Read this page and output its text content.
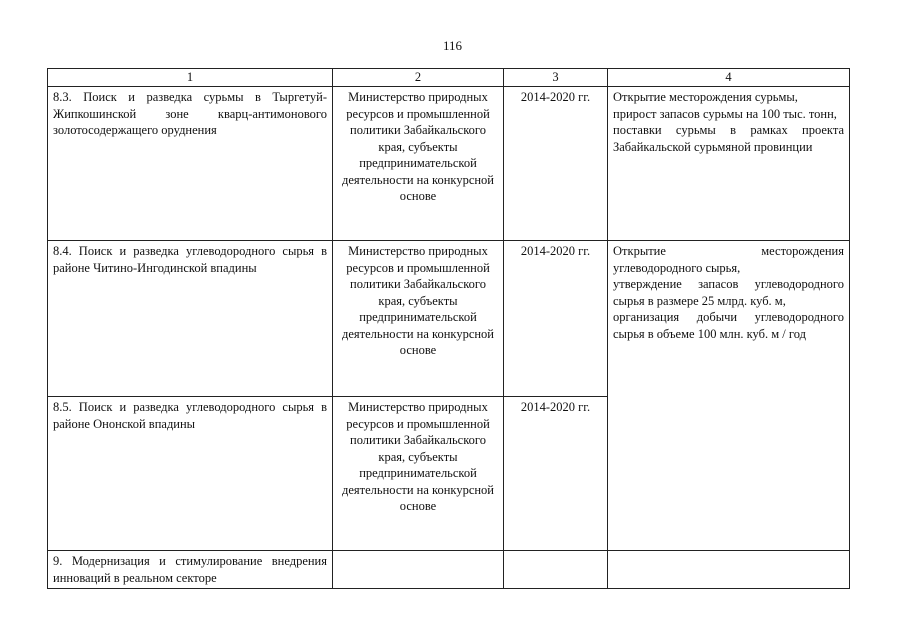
116
1	2	3	4
8.3. Поиск и разведка сурьмы в Тыргетуй-Жипкошинской зоне кварц-антимонового золотосодержащего оруднения	Министерство природных ресурсов и промышленной политики Забайкальского края, субъекты предпринимательской деятельности на конкурсной основе	2014-2020 гг.	Открытие месторождения сурьмы,
прирост запасов сурьмы на 100 тыс. тонн,
поставки сурьмы в рамках проекта Забайкальской сурьмяной провинции

8.4. Поиск и разведка углеводородного сырья в районе Читино-Ингодинской впадины	Министерство природных ресурсов и промышленной политики Забайкальского края, субъекты предпринимательской деятельности на конкурсной основе	2014-2020 гг.	Открытие месторождения углеводородного сырья,
утверждение запасов углеводородного сырья в размере 25 млрд. куб. м,
организация добычи углеводородного сырья в объеме 100 млн. куб. м / год

8.5. Поиск и разведка углеводородного сырья в районе Ононской впадины	Министерство природных ресурсов и промышленной политики Забайкальского края, субъекты предпринимательской деятельности на конкурсной основе	2014-2020 гг.	
9. Модернизация и стимулирование внедрения инноваций в реальном секторе			
